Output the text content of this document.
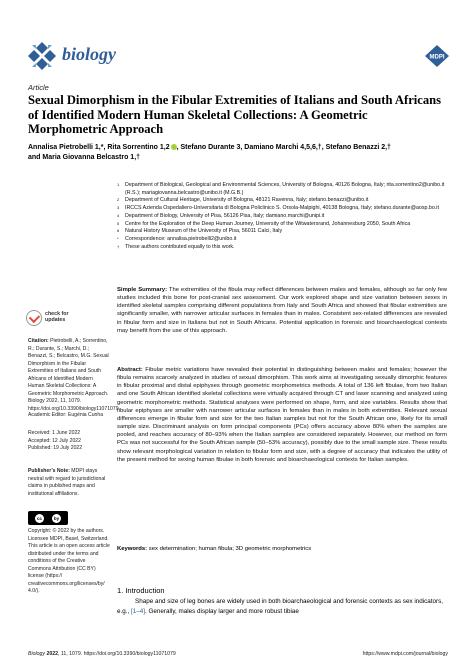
biology	MDPI
Article
Sexual Dimorphism in the Fibular Extremities of Italians and South Africans of Identified Modern Human Skeletal Collections: A Geometric Morphometric Approach
Annalisa Pietrobelli 1,*, Rita Sorrentino 1,2 , Stefano Durante 3, Damiano Marchi 4,5,6,†, Stefano Benazzi 2,†
and Maria Giovanna Belcastro 1,†
1 Department of Biological, Geological and Environmental Sciences, University of Bologna, 40126 Bologna, Italy; rita.sorrentino2@unibo.it (R.S.); mariagiovanna.belcastro@unibo.it (M.G.B.)
2 Department of Cultural Heritage, University of Bologna, 48121 Ravenna, Italy; stefano.benazzi@unibo.it
3 IRCCS Azienda Ospedaliero-Universitaria di Bologna Policlinico S. Orsola-Malpighi, 40138 Bologna, Italy; stefano.durante@aosp.bo.it
4 Department of Biology, University of Pisa, 56126 Pisa, Italy; damiano.marchi@unipi.it
5 Centre for the Exploration of the Deep Human Journey, University of the Witwatersrand, Johannesburg 2050, South Africa
6 Natural History Museum of the University of Pisa, 56011 Calci, Italy
* Correspondence: annalisa.pietrobelli2@unibo.it
† These authors contributed equally to this work.

Simple Summary: The extremities of the fibula may reflect differences between males and females, although so far only few studies included this bone for post-cranial sex assessment. Our work explored shape and size variation between sexes in identified skeletal samples comprising different populations from Italy and South Africa and showed that fibular extremities are significantly smaller, with narrower articular surfaces in females than in males. Consistent sex-related differences are revealed in fibular form and size in Italians but not in South Africans. Potential application in forensic and bioarchaeological contexts may benefit from the use of this approach.

Abstract: Fibular metric variations have revealed their potential in distinguishing between males and females; however the fibula remains scarcely analyzed in studies of sexual dimorphism. This work aims at investigating sexually dimorphic features in fibular proximal and distal epiphyses through geometric morphometrics methods. A total of 136 left fibulae, from two Italian and one South African identified skeletal collections were virtually acquired through CT and laser scanning and analyzed using geometric morphometric methods. Statistical analyses were performed on shape, form, and size variables. Results show that fibular epiphyses are smaller with narrower articular surfaces in females than in males in both extremities. Relevant sexual differences emerge in fibular form and size for the two Italian samples but not for the South African one, likely for its small sample size. Discriminant analysis on form principal components (PCs) offers accuracy above 80% when the samples are pooled, and reaches accuracy of 80–93% when the Italian samples are considered separately. However, our method on form PCs was not successful for the South African sample (50–53% accuracy), possibly due to the small sample size. These results show relevant morphological variation in relation to fibular form and size, with a degree of accuracy that indicates the utility of the present method for sexing human fibulae in both forensic and bioarchaeological contexts for Italian samples.

Keywords: sex determination; human fibula; 3D geometric morphometrics

1. Introduction

Shape and size of leg bones are widely used in both bioarchaeological and forensic contexts as sex indicators, e.g., [1–4]. Generally, males display larger and more robust tibiae

check for
updates
Citation: Pietrobelli, A.; Sorrentino, R.; Durante, S.; Marchi, D.; Benazzi, S.; Belcastro, M.G. Sexual Dimorphism in the Fibular Extremities of Italians and South Africans of Identified Modern Human Skeletal Collections: A Geometric Morphometric Approach. Biology 2022, 11, 1079. https://doi.org/10.3390/biology11071079
Academic Editor: Eugénia Cunha
Received: 1 June 2022
Accepted: 12 July 2022
Published: 19 July 2022
Publisher’s Note: MDPI stays neutral with regard to jurisdictional claims in published maps and institutional affiliations.
cc	by
Copyright: © 2022 by the authors. Licensee MDPI, Basel, Switzerland. This article is an open access article distributed under the terms and conditions of the Creative Commons Attribution (CC BY) license (https:// creativecommons.org/licenses/by/ 4.0/).
Biology 2022, 11, 1079. https://doi.org/10.3390/biology11071079	https://www.mdpi.com/journal/biology
